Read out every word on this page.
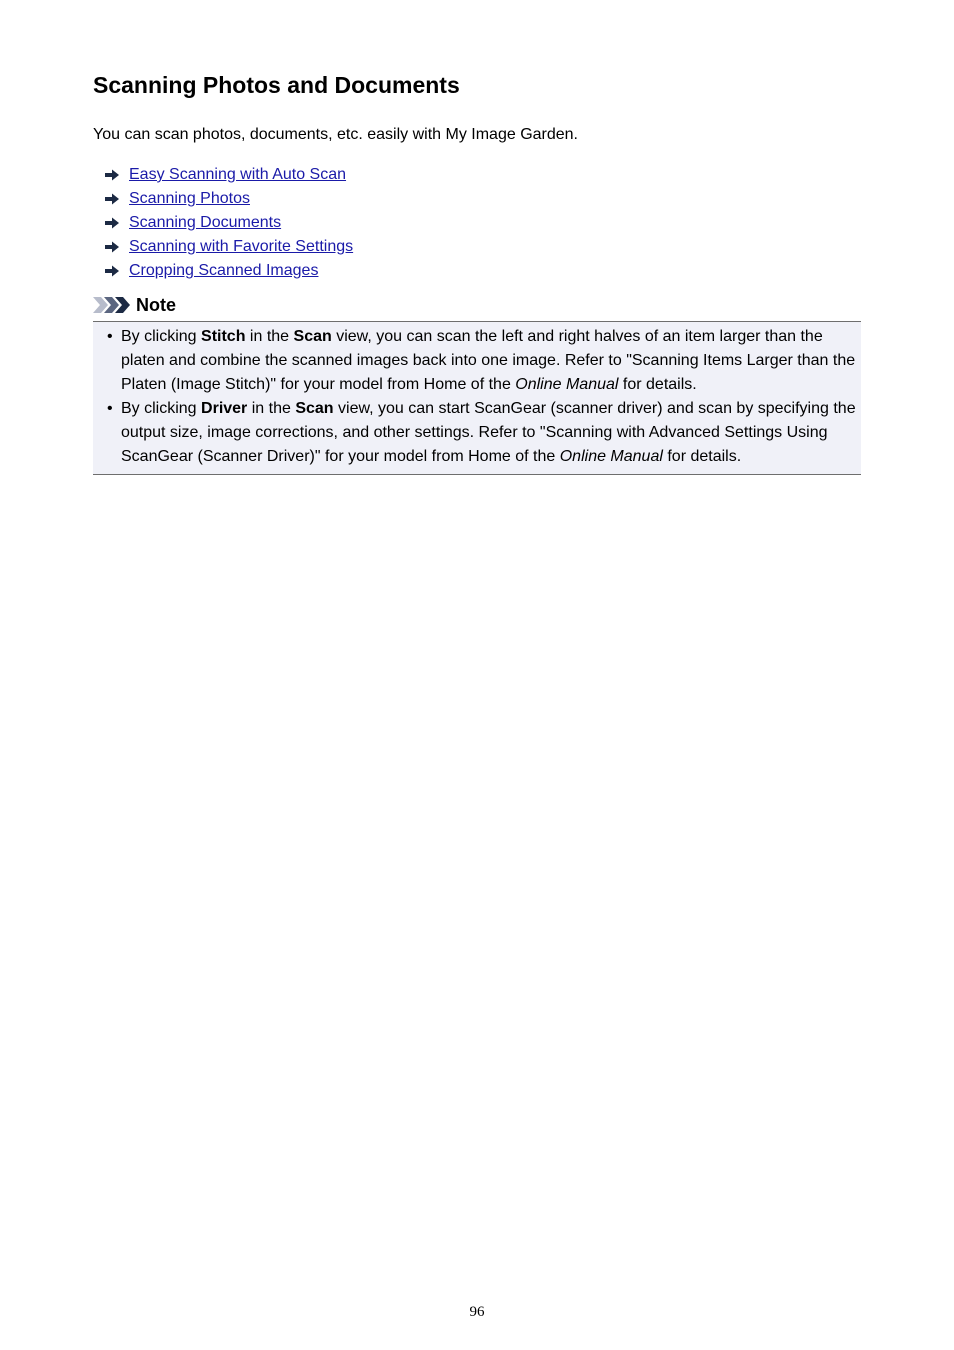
Scanning Photos and Documents

You can scan photos, documents, etc. easily with My Image Garden.

Easy Scanning with Auto Scan
Scanning Photos
Scanning Documents
Scanning with Favorite Settings
Cropping Scanned Images
Note
• By clicking Stitch in the Scan view, you can scan the left and right halves of an item larger than the platen and combine the scanned images back into one image. Refer to "Scanning Items Larger than the Platen (Image Stitch)" for your model from Home of the Online Manual for details.
• By clicking Driver in the Scan view, you can start ScanGear (scanner driver) and scan by specifying the output size, image corrections, and other settings. Refer to "Scanning with Advanced Settings Using ScanGear (Scanner Driver)" for your model from Home of the Online Manual for details.
96
